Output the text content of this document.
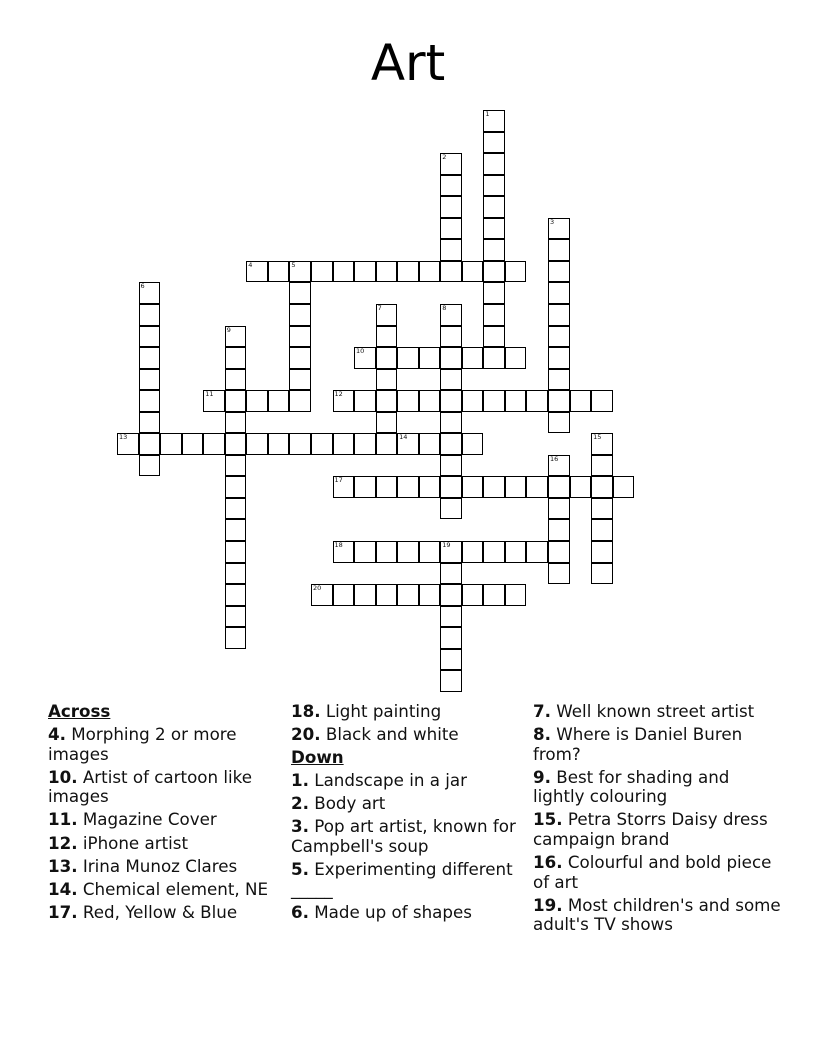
Art
1
2
3
4	5
6
7	8
9
10
11	12
13	14	15
16
17
18	19
20
Across
4. Morphing 2 or more images
10. Artist of cartoon like images
11. Magazine Cover
12. iPhone artist
13. Irina Munoz Clares
14. Chemical element, NE
17. Red, Yellow & Blue
18. Light painting
20. Black and white
Down
1. Landscape in a jar
2. Body art
3. Pop art artist, known for Campbell's soup
5. Experimenting different _____
6. Made up of shapes
7. Well known street artist
8. Where is Daniel Buren from?
9. Best for shading and lightly colouring
15. Petra Storrs Daisy dress campaign brand
16. Colourful and bold piece of art
19. Most children's and some adult's TV shows
